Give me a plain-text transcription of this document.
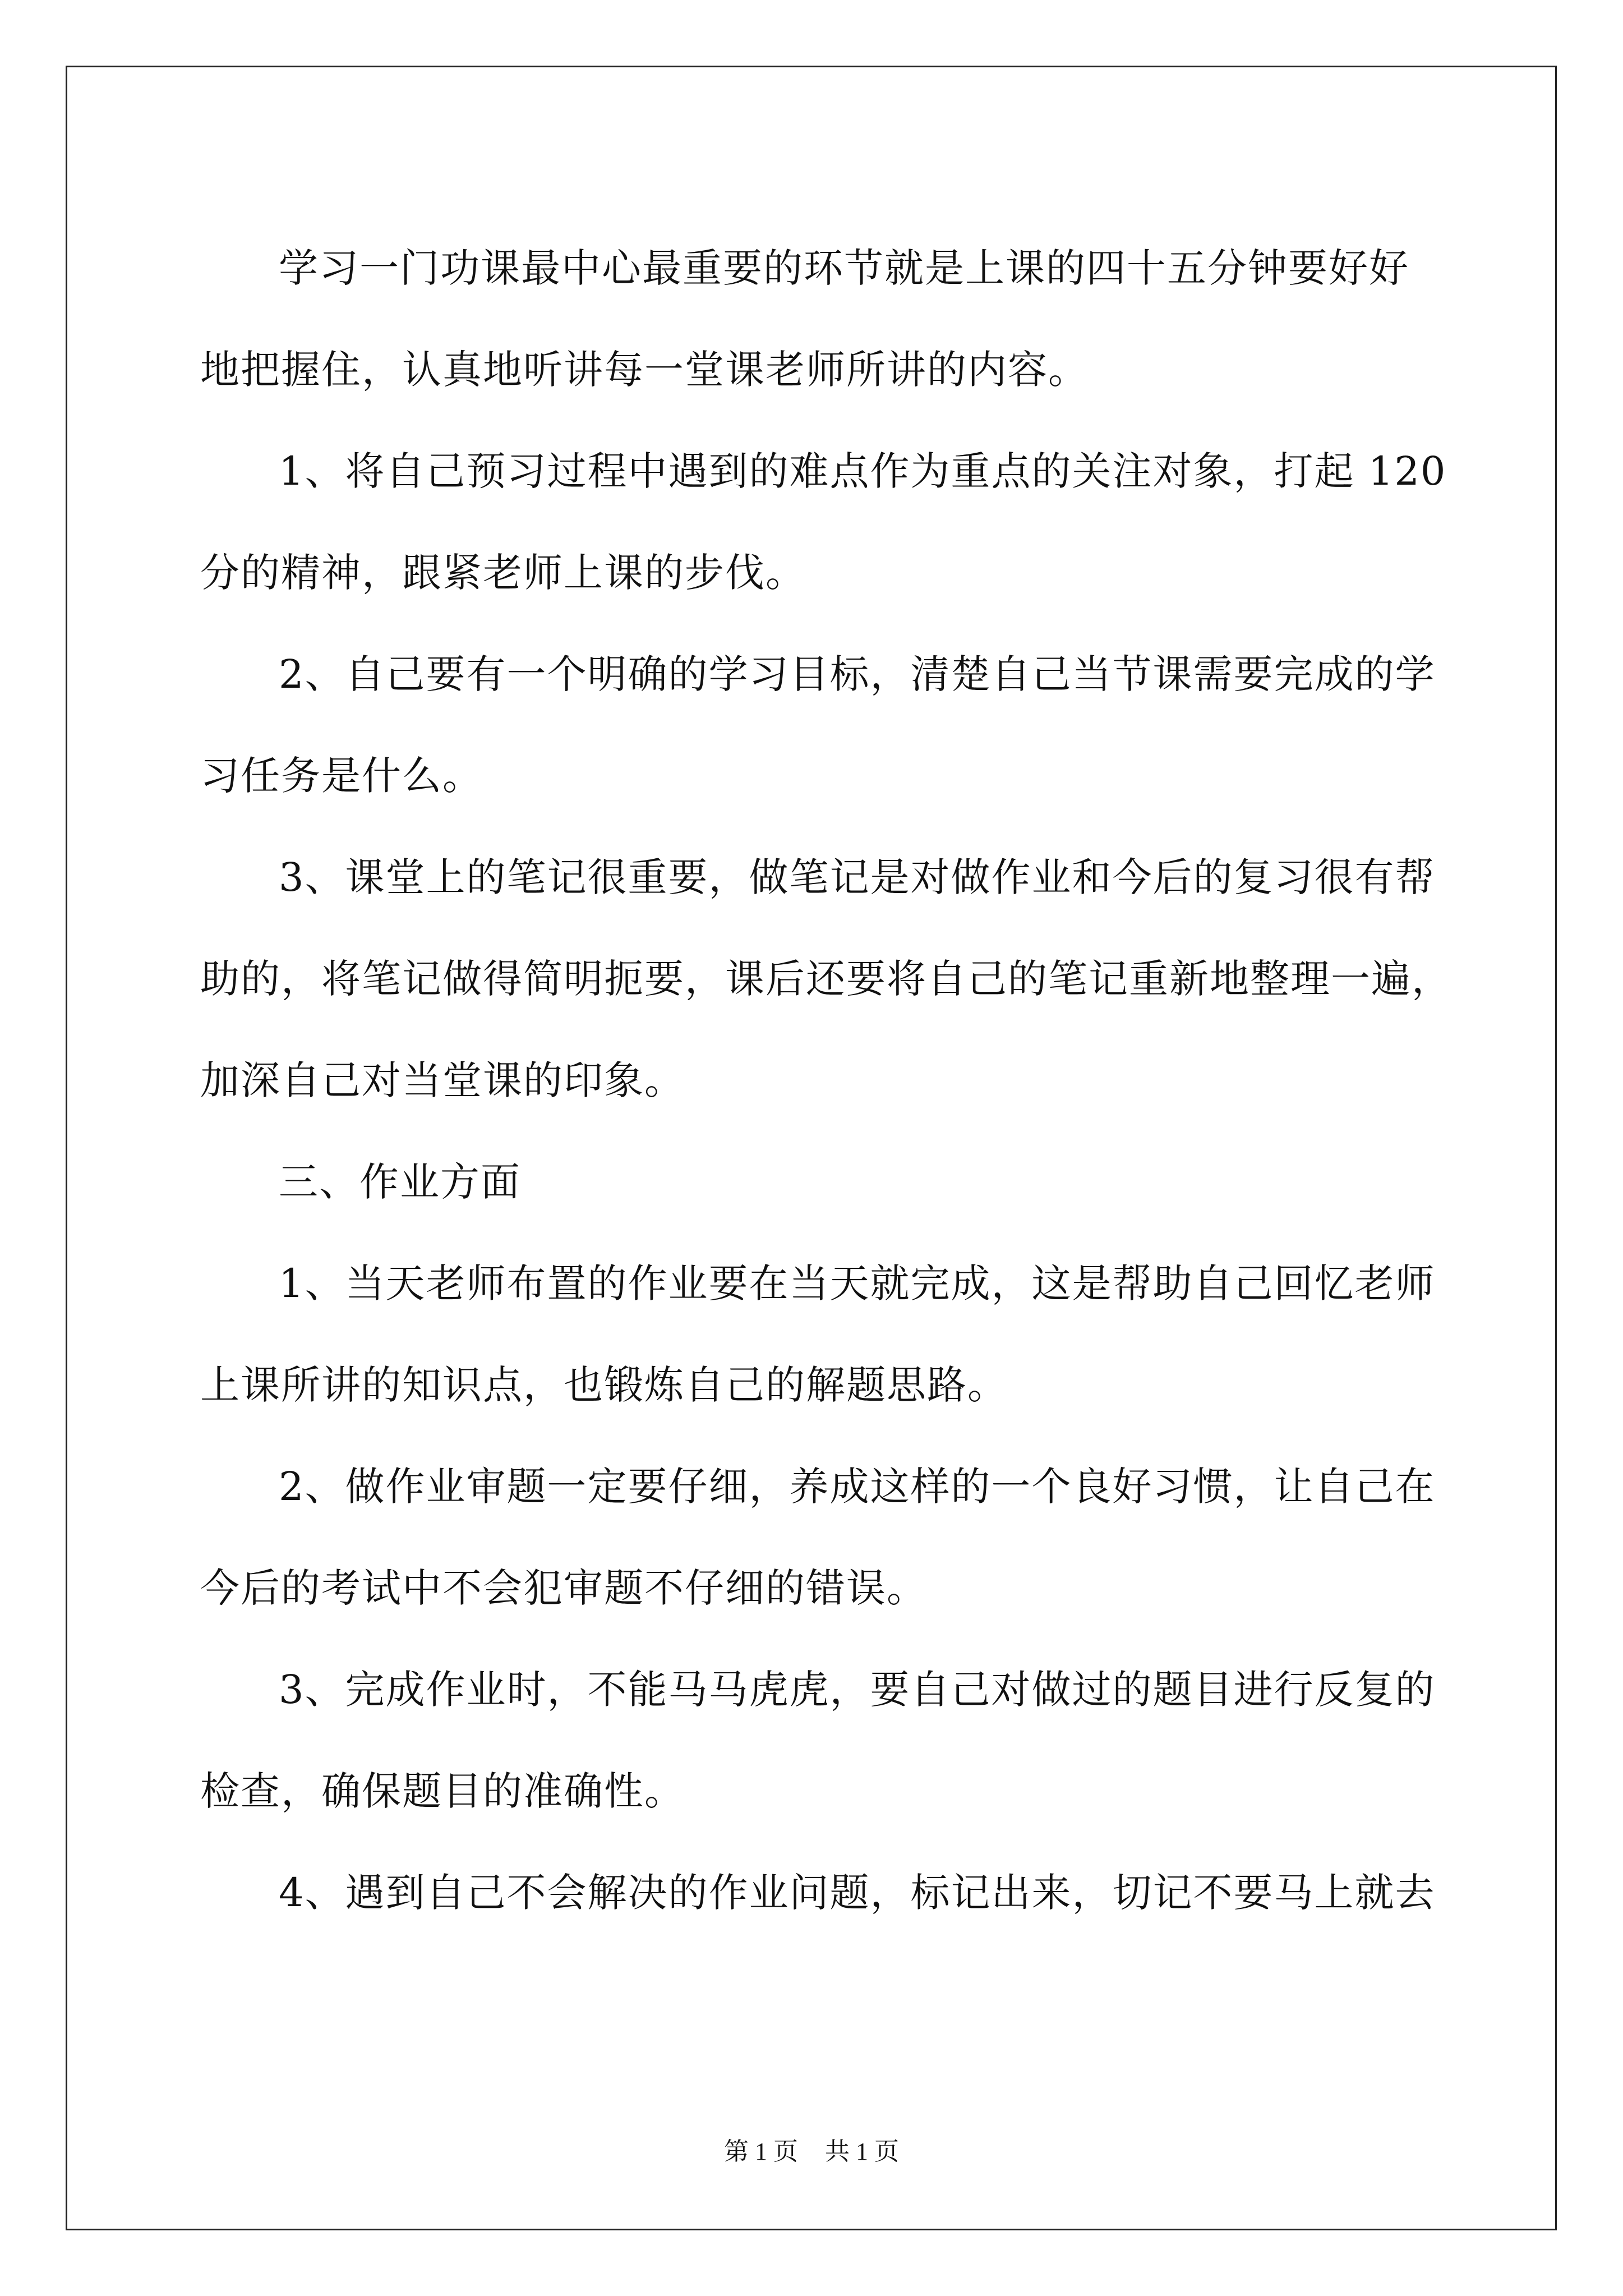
学习一门功课最中心最重要的环节就是上课的四十五分钟要好好

地把握住，认真地听讲每一堂课老师所讲的内容。

1、将自己预习过程中遇到的难点作为重点的关注对象，打起 120

分的精神，跟紧老师上课的步伐。

2、自己要有一个明确的学习目标，清楚自己当节课需要完成的学

习任务是什么。

3、课堂上的笔记很重要，做笔记是对做作业和今后的复习很有帮

助的，将笔记做得简明扼要，课后还要将自己的笔记重新地整理一遍，

加深自己对当堂课的印象。

三、作业方面

1、当天老师布置的作业要在当天就完成，这是帮助自己回忆老师

上课所讲的知识点，也锻炼自己的解题思路。

2、做作业审题一定要仔细，养成这样的一个良好习惯，让自己在

今后的考试中不会犯审题不仔细的错误。

3、完成作业时，不能马马虎虎，要自己对做过的题目进行反复的

检查，确保题目的准确性。

4、遇到自己不会解决的作业问题，标记出来，切记不要马上就去

第 1 页 共 1 页
